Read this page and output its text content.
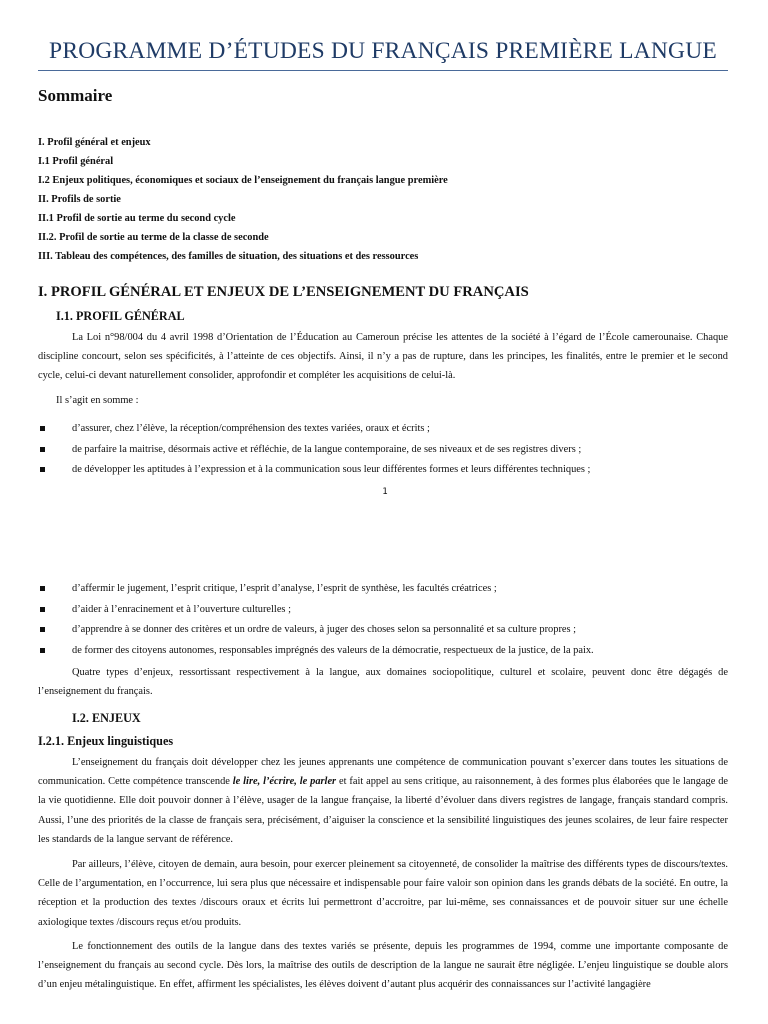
PROGRAMME D’ÉTUDES DU FRANÇAIS PREMIÈRE LANGUE
Sommaire
I. Profil général et enjeux
I.1 Profil général
I.2 Enjeux politiques, économiques et sociaux de l’enseignement du français langue première
II. Profils de sortie
II.1 Profil de sortie au terme du second cycle
II.2. Profil de sortie au terme de la classe de seconde
III. Tableau des compétences, des familles de situation, des situations et des ressources
I. PROFIL GÉNÉRAL ET ENJEUX DE L’ENSEIGNEMENT DU FRANÇAIS
I.1. PROFIL GÉNÉRAL

La Loi n°98/004 du 4 avril 1998 d’Orientation de l’Éducation au Cameroun précise les attentes de la société à l’égard de l’École camerounaise. Chaque discipline concourt, selon ses spécificités, à l’atteinte de ces objectifs. Ainsi, il n’y a pas de rupture, dans les principes, les finalités, entre le premier et le second cycle, celui-ci devant naturellement consolider, approfondir et compléter les acquisitions de celui-là.

Il s’agit en somme :
d’assurer, chez l’élève, la réception/compréhension des textes variées, oraux et écrits ;
de parfaire la maitrise, désormais active et réfléchie, de la langue contemporaine, de ses niveaux et de ses registres divers ;
de développer les aptitudes à l’expression et à la communication sous leur différentes formes et leurs différentes techniques ;
1
d’affermir le jugement, l’esprit critique, l’esprit d’analyse, l’esprit de synthèse, les facultés créatrices ;
d’aider à l’enracinement et à l’ouverture culturelles ;
d’apprendre à se donner des critères et un ordre de valeurs, à juger des choses selon sa personnalité et sa culture propres ;
de former des citoyens autonomes, responsables imprégnés des valeurs de la démocratie, respectueux de la justice, de la paix.

Quatre types d’enjeux, ressortissant respectivement à la langue, aux domaines sociopolitique, culturel et scolaire, peuvent donc être dégagés de l’enseignement du français.

I.2. ENJEUX
I.2.1. Enjeux linguistiques

L’enseignement du français doit développer chez les jeunes apprenants une compétence de communication pouvant s’exercer dans toutes les situations de communication. Cette compétence transcende le lire, l’écrire, le parler et fait appel au sens critique, au raisonnement, à des formes plus élaborées que le langage de la vie quotidienne. Elle doit pouvoir donner à l’élève, usager de la langue française, la liberté d’évoluer dans divers registres de langage, français standard compris. Aussi, l’une des priorités de la classe de français sera, précisément, d’aiguiser la conscience et la sensibilité linguistiques des jeunes scolaires, de leur faire respecter les standards de la langue servant de référence.

Par ailleurs, l’élève, citoyen de demain, aura besoin, pour exercer pleinement sa citoyenneté, de consolider la maîtrise des différents types de discours/textes. Celle de l’argumentation, en l’occurrence, lui sera plus que nécessaire et indispensable pour faire valoir son opinion dans les grands débats de la société. En outre, la réception et la production des textes /discours oraux et écrits lui permettront d’accroitre, par lui-même, ses connaissances et de pouvoir situer sur une échelle axiologique textes /discours reçus et/ou produits.

Le fonctionnement des outils de la langue dans des textes variés se présente, depuis les programmes de 1994, comme une importante composante de l’enseignement du français au second cycle. Dès lors, la maîtrise des outils de description de la langue ne saurait être négligée. L’enjeu linguistique se double alors d’un enjeu métalinguistique. En effet, affirment les spécialistes, les élèves doivent d’autant plus acquérir des connaissances sur l’activité langagière
